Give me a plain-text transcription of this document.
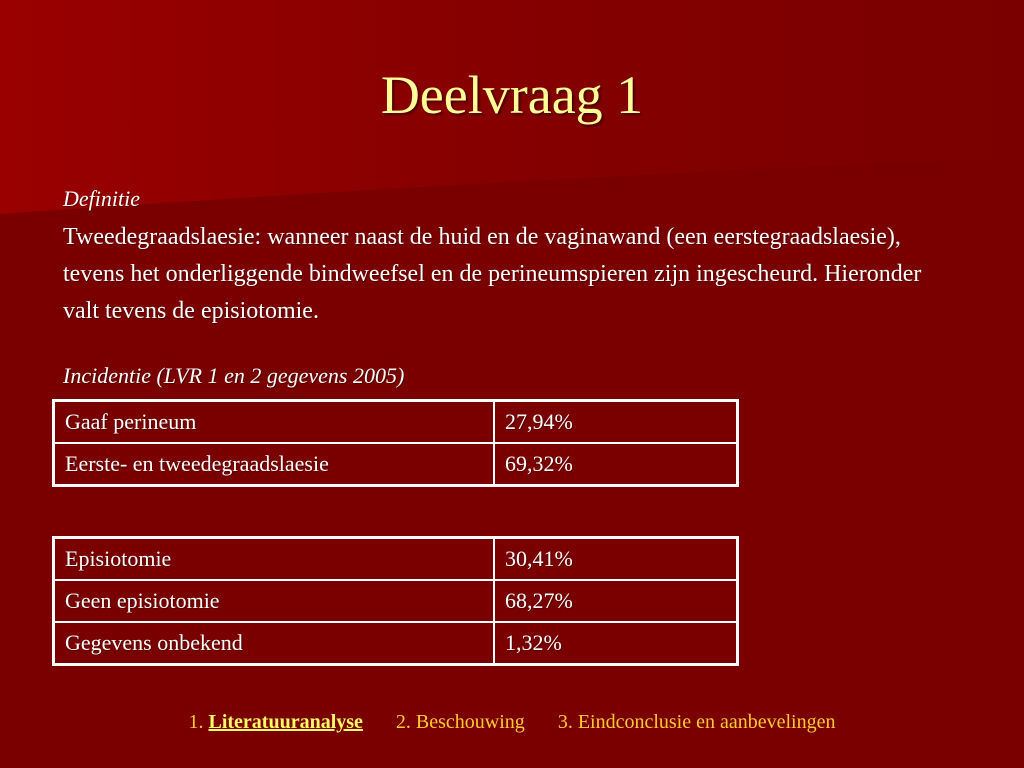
Deelvraag 1
Definitie
Tweedegraadslaesie: wanneer naast de huid en de vaginawand (een eerstegraadslaesie), tevens het onderliggende bindweefsel en de perineumspieren zijn ingescheurd. Hieronder valt tevens de episiotomie.
Incidentie (LVR 1 en 2 gegevens 2005)
Gaaf perineum	27,94%
Eerste- en tweedegraadslaesie	69,32%
Episiotomie	30,41%
Geen episiotomie	68,27%
Gegevens onbekend	1,32%
1. Literatuuranalyse 2. Beschouwing 3. Eindconclusie en aanbevelingen
